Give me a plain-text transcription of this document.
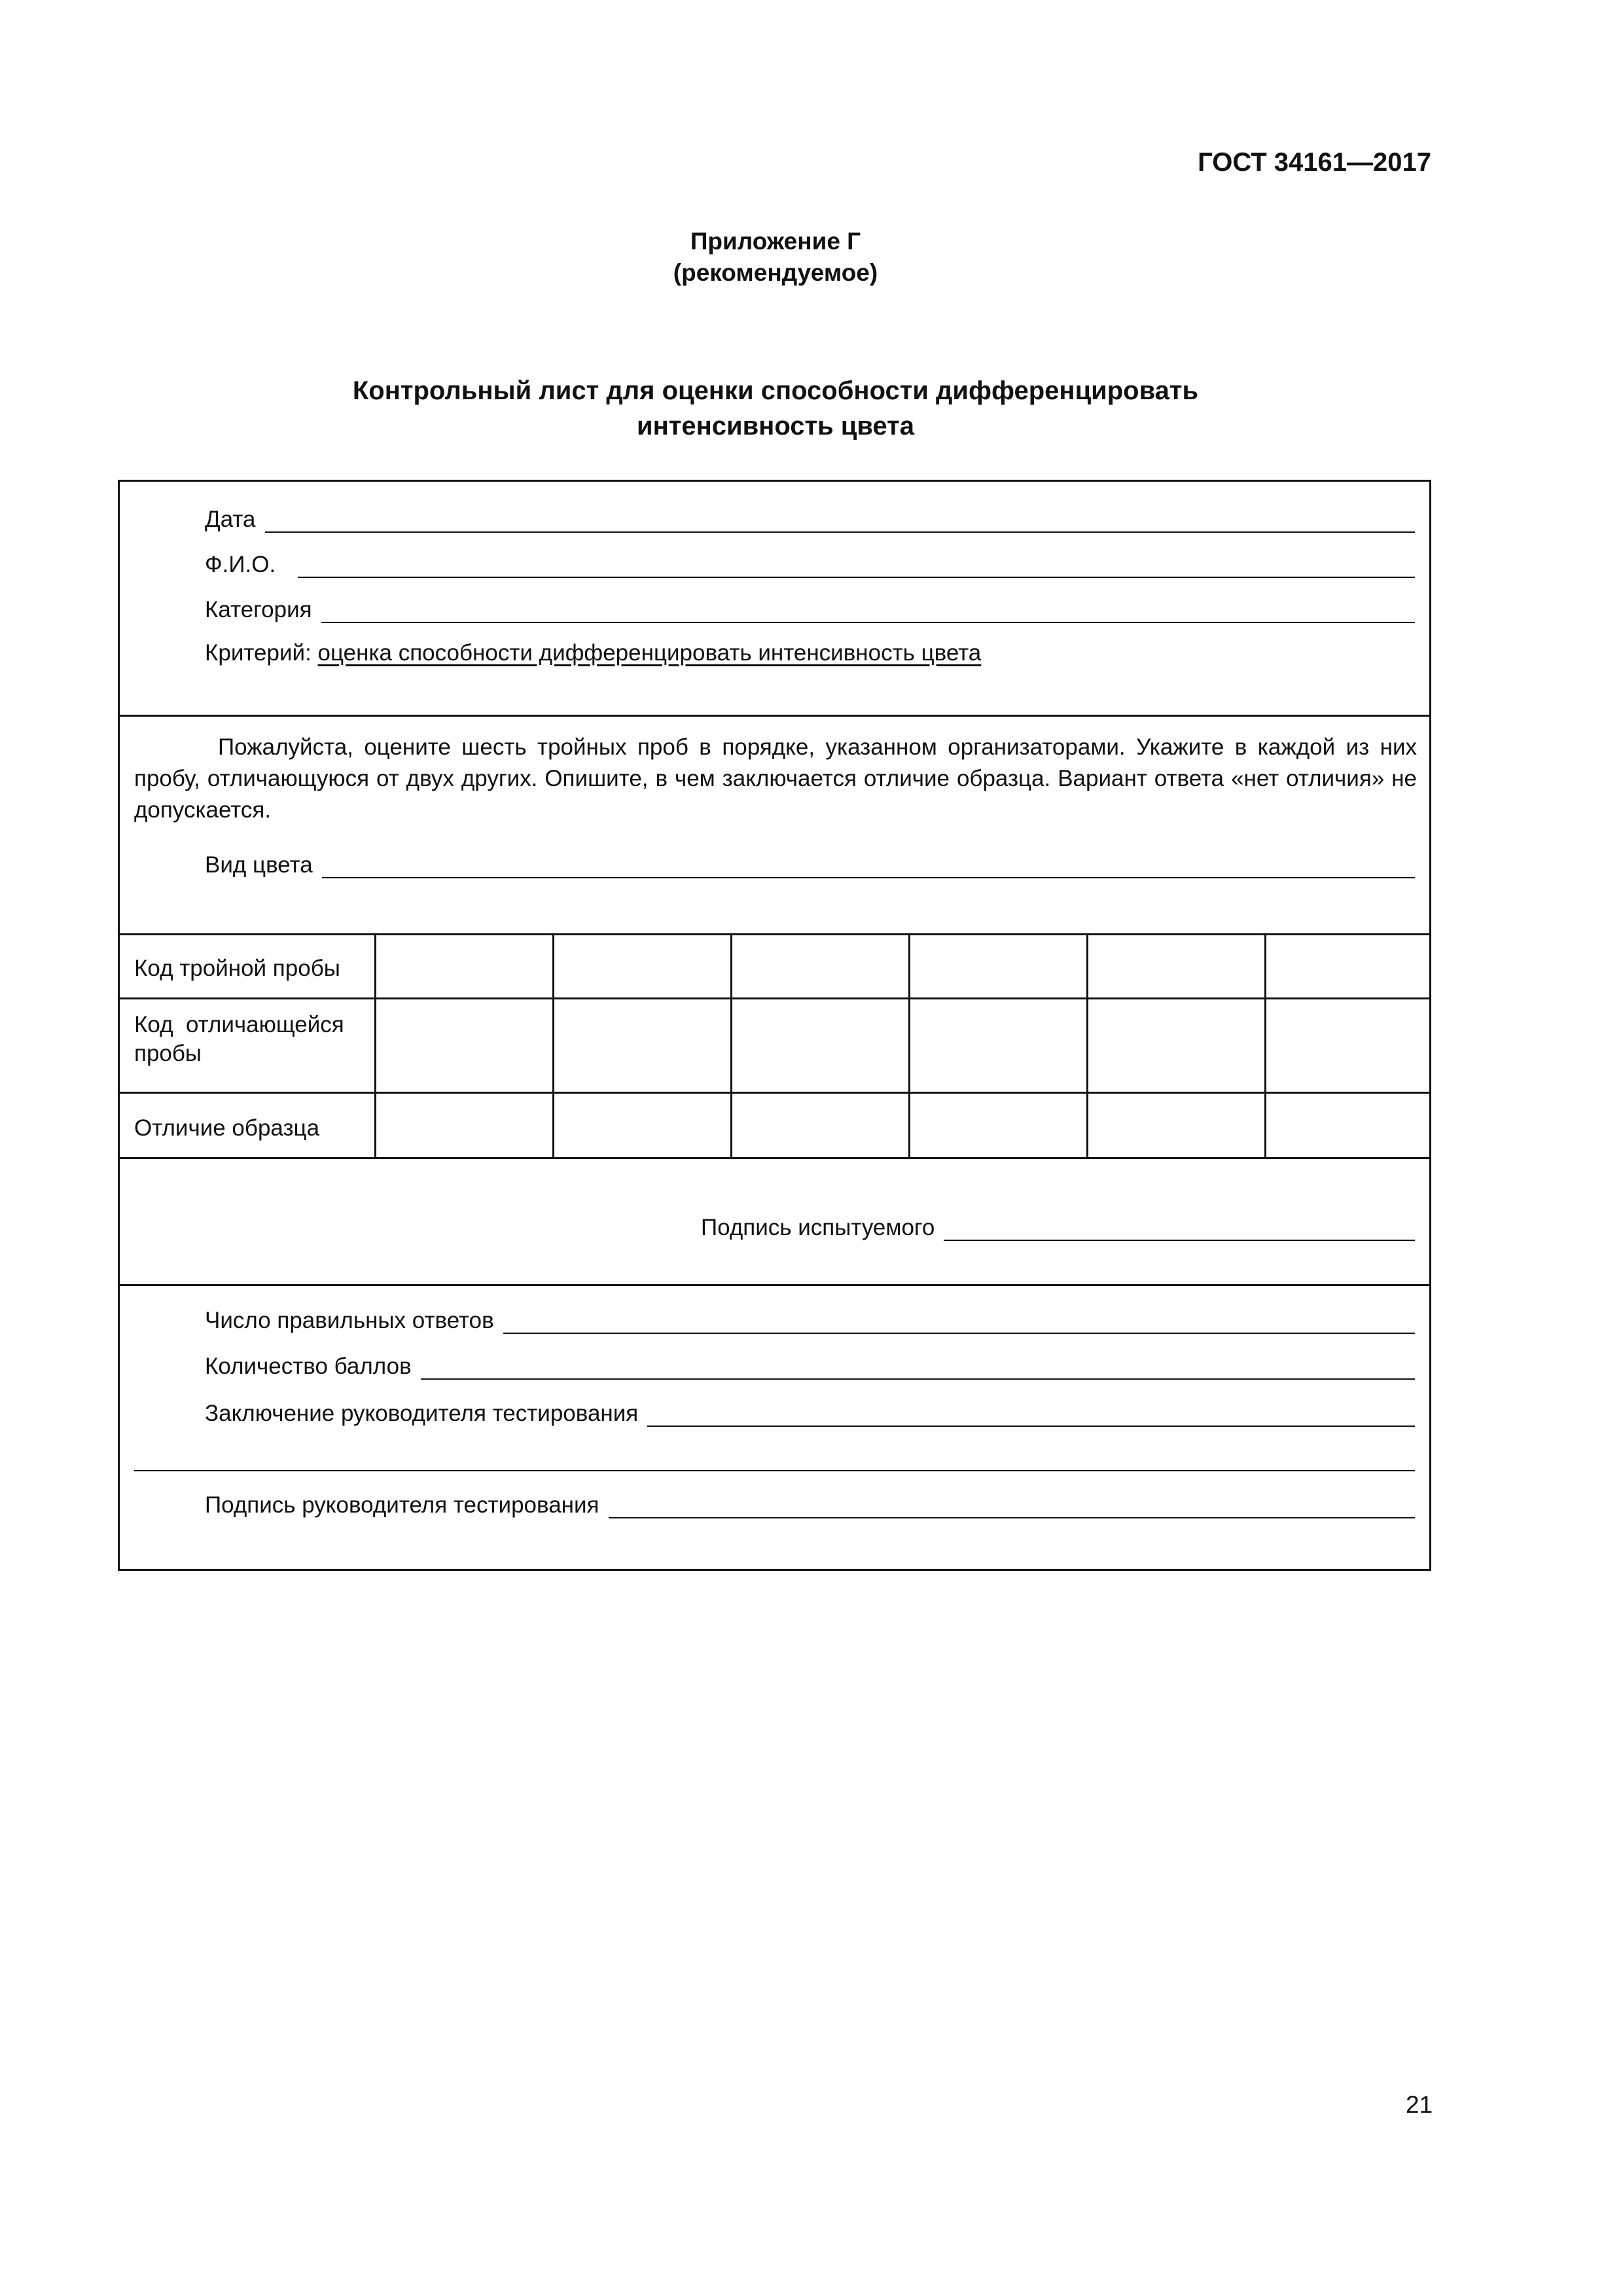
ГОСТ 34161—2017
Приложение Г
(рекомендуемое)
Контрольный лист для оценки способности дифференцировать
интенсивность цвета
Дата
Ф.И.О.
Категория
Критерий: оценка способности дифференцировать интенсивность цвета
Пожалуйста, оцените шесть тройных проб в порядке, указанном организаторами. Укажите в каждой из них пробу, отличающуюся от двух других. Опишите, в чем заключается отличие образца. Вариант ответа «нет отличия» не допускается.
Вид цвета
Код тройной пробы
Код  отличающейся пробы
Отличие образца
Подпись испытуемого
Число правильных ответов
Количество баллов
Заключение руководителя тестирования
Подпись руководителя тестирования
21
